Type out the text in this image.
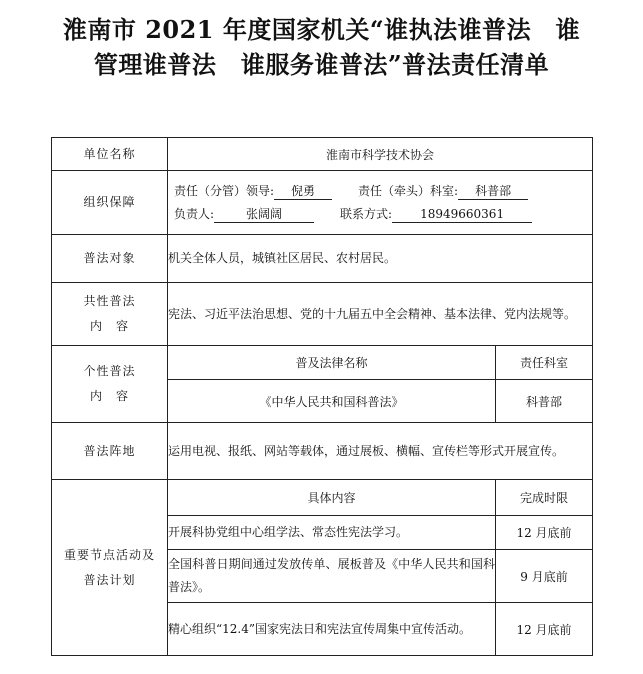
淮南市 2021 年度国家机关“谁执法谁普法　谁
管理谁普法　谁服务谁普法”普法责任清单
单位名称	淮南市科学技术协会	
组织保障	责任（分管）领导: 倪勇 责任（牵头）科室: 科普部
负责人: 张阔阔 联系方式: 18949660361	

普法对象	机关全体人员，城镇社区居民、农村居民。	

共性普法
内　容	宪法、习近平法治思想、党的十九届五中全会精神、基本法律、党内法规等。	

个性普法
内　容	普及法律名称	责任科室
	《中华人民共和国科普法》	科普部
普法阵地	运用电视、报纸、网站等载体，通过展板、横幅、宣传栏等形式开展宣传。	

重要节点活动及
普法计划	具体内容	完成时限
	开展科协党组中心组学法、常态性宪法学习。	12 月底前
	全国科普日期间通过发放传单、展板普及《中华人民共和国科普法》。	9 月底前
	精心组织“12.4”国家宪法日和宪法宣传周集中宣传活动。	12 月底前
